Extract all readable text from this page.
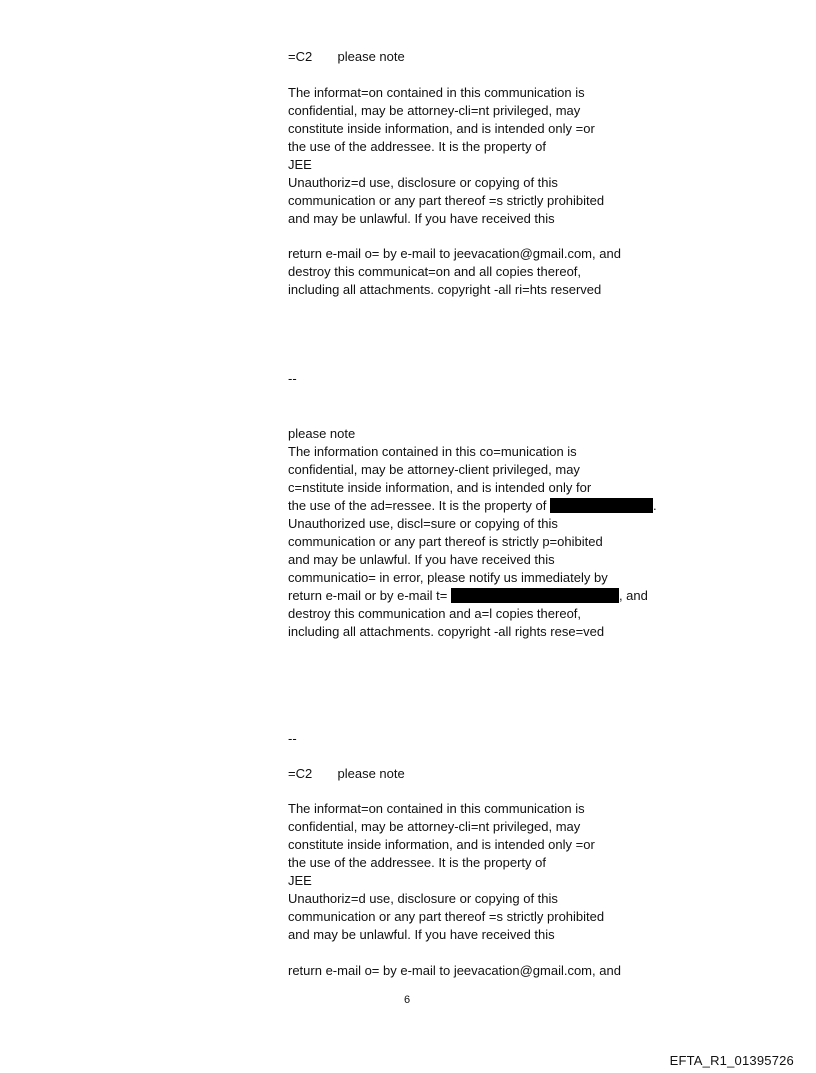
=C2 please note
The informat=on contained in this communication is
confidential, may be attorney-cli=nt privileged, may
constitute inside information, and is intended only =or
the use of the addressee. It is the property of
JEE
Unauthoriz=d use, disclosure or copying of this
communication or any part thereof =s strictly prohibited
and may be unlawful. If you have received this
return e-mail o= by e-mail to jeevacation@gmail.com, and
destroy this communicat=on and all copies thereof,
including all attachments. copyright -all ri=hts reserved
--
please note
The information contained in this co=munication is
confidential, may be attorney-client privileged, may
c=nstitute inside information, and is intended only for
the use of the ad=ressee. It is the property of	.
Unauthorized use, discl=sure or copying of this
communication or any part thereof is strictly p=ohibited
and may be unlawful. If you have received this
communicatio= in error, please notify us immediately by
return e-mail or by e-mail t=	, and
destroy this communication and a=l copies thereof,
including all attachments. copyright -all rights rese=ved
--
=C2 please note
The informat=on contained in this communication is
confidential, may be attorney-cli=nt privileged, may
constitute inside information, and is intended only =or
the use of the addressee. It is the property of
JEE
Unauthoriz=d use, disclosure or copying of this
communication or any part thereof =s strictly prohibited
and may be unlawful. If you have received this
return e-mail o= by e-mail to jeevacation@gmail.com, and
6
EFTA_R1_01395726
